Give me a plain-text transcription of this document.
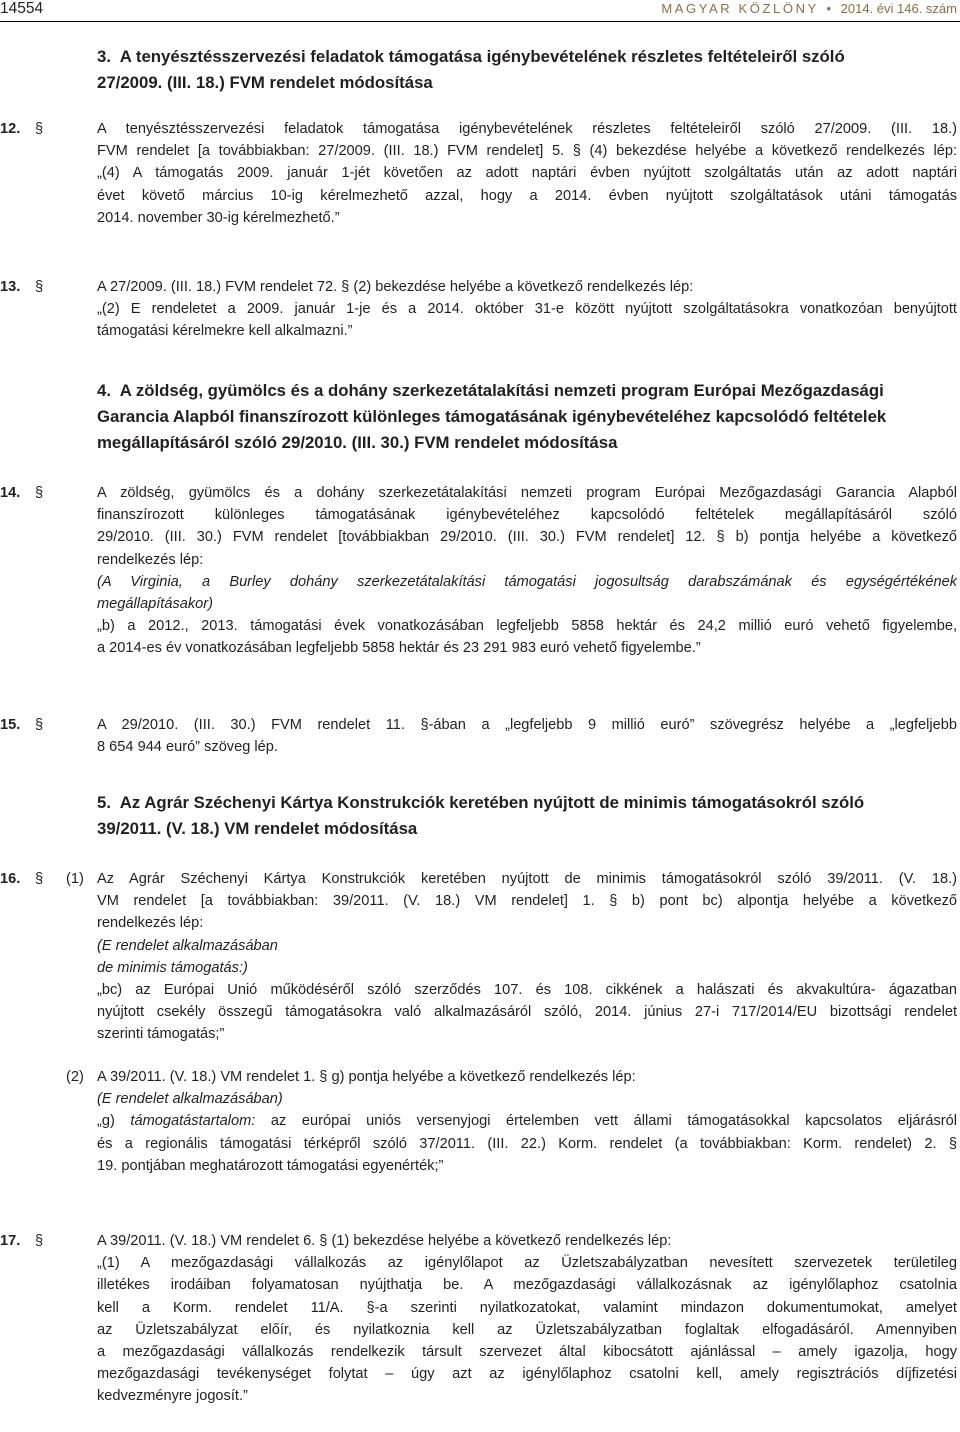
14554	MAGYAR KÖZLÖNY • 2014. évi 146. szám
3.  A tenyésztésszervezési feladatok támogatása igénybevételének részletes feltételeiről szóló
27/2009. (III. 18.) FVM rendelet módosítása
12. §	A tenyésztésszervezési feladatok támogatása igénybevételének részletes feltételeiről szóló 27/2009. (III. 18.)

FVM rendelet [a továbbiakban: 27/2009. (III. 18.) FVM rendelet] 5. § (4) bekezdése helyébe a következő rendelkezés lép:

„(4) A támogatás 2009. január 1-jét követően az adott naptári évben nyújtott szolgáltatás után az adott naptári

évet követő március 10-ig kérelmezhető azzal, hogy a 2014. évben nyújtott szolgáltatások utáni támogatás

2014. november 30-ig kérelmezhető.”

13. §	A 27/2009. (III. 18.) FVM rendelet 72. § (2) bekezdése helyébe a következő rendelkezés lép:

„(2) E rendeletet a 2009. január 1-je és a 2014. október 31-e között nyújtott szolgáltatásokra vonatkozóan benyújtott

támogatási kérelmekre kell alkalmazni.”

4.  A zöldség, gyümölcs és a dohány szerkezetátalakítási nemzeti program Európai Mezőgazdasági
Garancia Alapból finanszírozott különleges támogatásának igénybevételéhez kapcsolódó feltételek
megállapításáról szóló 29/2010. (III. 30.) FVM rendelet módosítása
14. §	A zöldség, gyümölcs és a dohány szerkezetátalakítási nemzeti program Európai Mezőgazdasági Garancia Alapból

finanszírozott különleges támogatásának igénybevételéhez kapcsolódó feltételek megállapításáról szóló

29/2010. (III. 30.) FVM rendelet [továbbiakban 29/2010. (III. 30.) FVM rendelet] 12. § b) pontja helyébe a következő

rendelkezés lép:

(A Virginia, a Burley dohány szerkezetátalakítási támogatási jogosultság darabszámának és egységértékének

megállapításakor)

„b) a 2012., 2013. támogatási évek vonatkozásában legfeljebb 5858 hektár és 24,2 millió euró vehető figyelembe,

a 2014-es év vonatkozásában legfeljebb 5858 hektár és 23 291 983 euró vehető figyelembe.”

15. §	A 29/2010. (III. 30.) FVM rendelet 11. §-ában a „legfeljebb 9 millió euró” szövegrész helyébe a „legfeljebb

8 654 944 euró” szöveg lép.

5.  Az Agrár Széchenyi Kártya Konstrukciók keretében nyújtott de minimis támogatásokról szóló
39/2011. (V. 18.) VM rendelet módosítása
16. § (1) Az Agrár Széchenyi Kártya Konstrukciók keretében nyújtott de minimis támogatásokról szóló 39/2011. (V. 18.)

VM rendelet [a továbbiakban: 39/2011. (V. 18.) VM rendelet] 1. § b) pont bc) alpontja helyébe a következő

rendelkezés lép:

(E rendelet alkalmazásában

de minimis támogatás:)

„bc) az Európai Unió működéséről szóló szerződés 107. és 108. cikkének a halászati és akvakultúra- ágazatban

nyújtott csekély összegű támogatásokra való alkalmazásáról szóló, 2014. június 27-i 717/2014/EU bizottsági rendelet

szerinti támogatás;”

(2) A 39/2011. (V. 18.) VM rendelet 1. § g) pontja helyébe a következő rendelkezés lép:

(E rendelet alkalmazásában)

„g) támogatástartalom: az európai uniós versenyjogi értelemben vett állami támogatásokkal kapcsolatos eljárásról

és a regionális támogatási térképről szóló 37/2011. (III. 22.) Korm. rendelet (a továbbiakban: Korm. rendelet) 2. §

19. pontjában meghatározott támogatási egyenérték;”

17. §	A 39/2011. (V. 18.) VM rendelet 6. § (1) bekezdése helyébe a következő rendelkezés lép:

„(1) A mezőgazdasági vállalkozás az igénylőlapot az Üzletszabályzatban nevesített szervezetek területileg

illetékes irodáiban folyamatosan nyújthatja be. A mezőgazdasági vállalkozásnak az igénylőlaphoz csatolnia

kell a Korm. rendelet 11/A. §-a szerinti nyilatkozatokat, valamint mindazon dokumentumokat, amelyet

az Üzletszabályzat előír, és nyilatkoznia kell az Üzletszabályzatban foglaltak elfogadásáról. Amennyiben

a mezőgazdasági vállalkozás rendelkezik társult szervezet által kibocsátott ajánlással – amely igazolja, hogy

mezőgazdasági tevékenységet folytat – úgy azt az igénylőlaphoz csatolni kell, amely regisztrációs díjfizetési

kedvezményre jogosít.”
